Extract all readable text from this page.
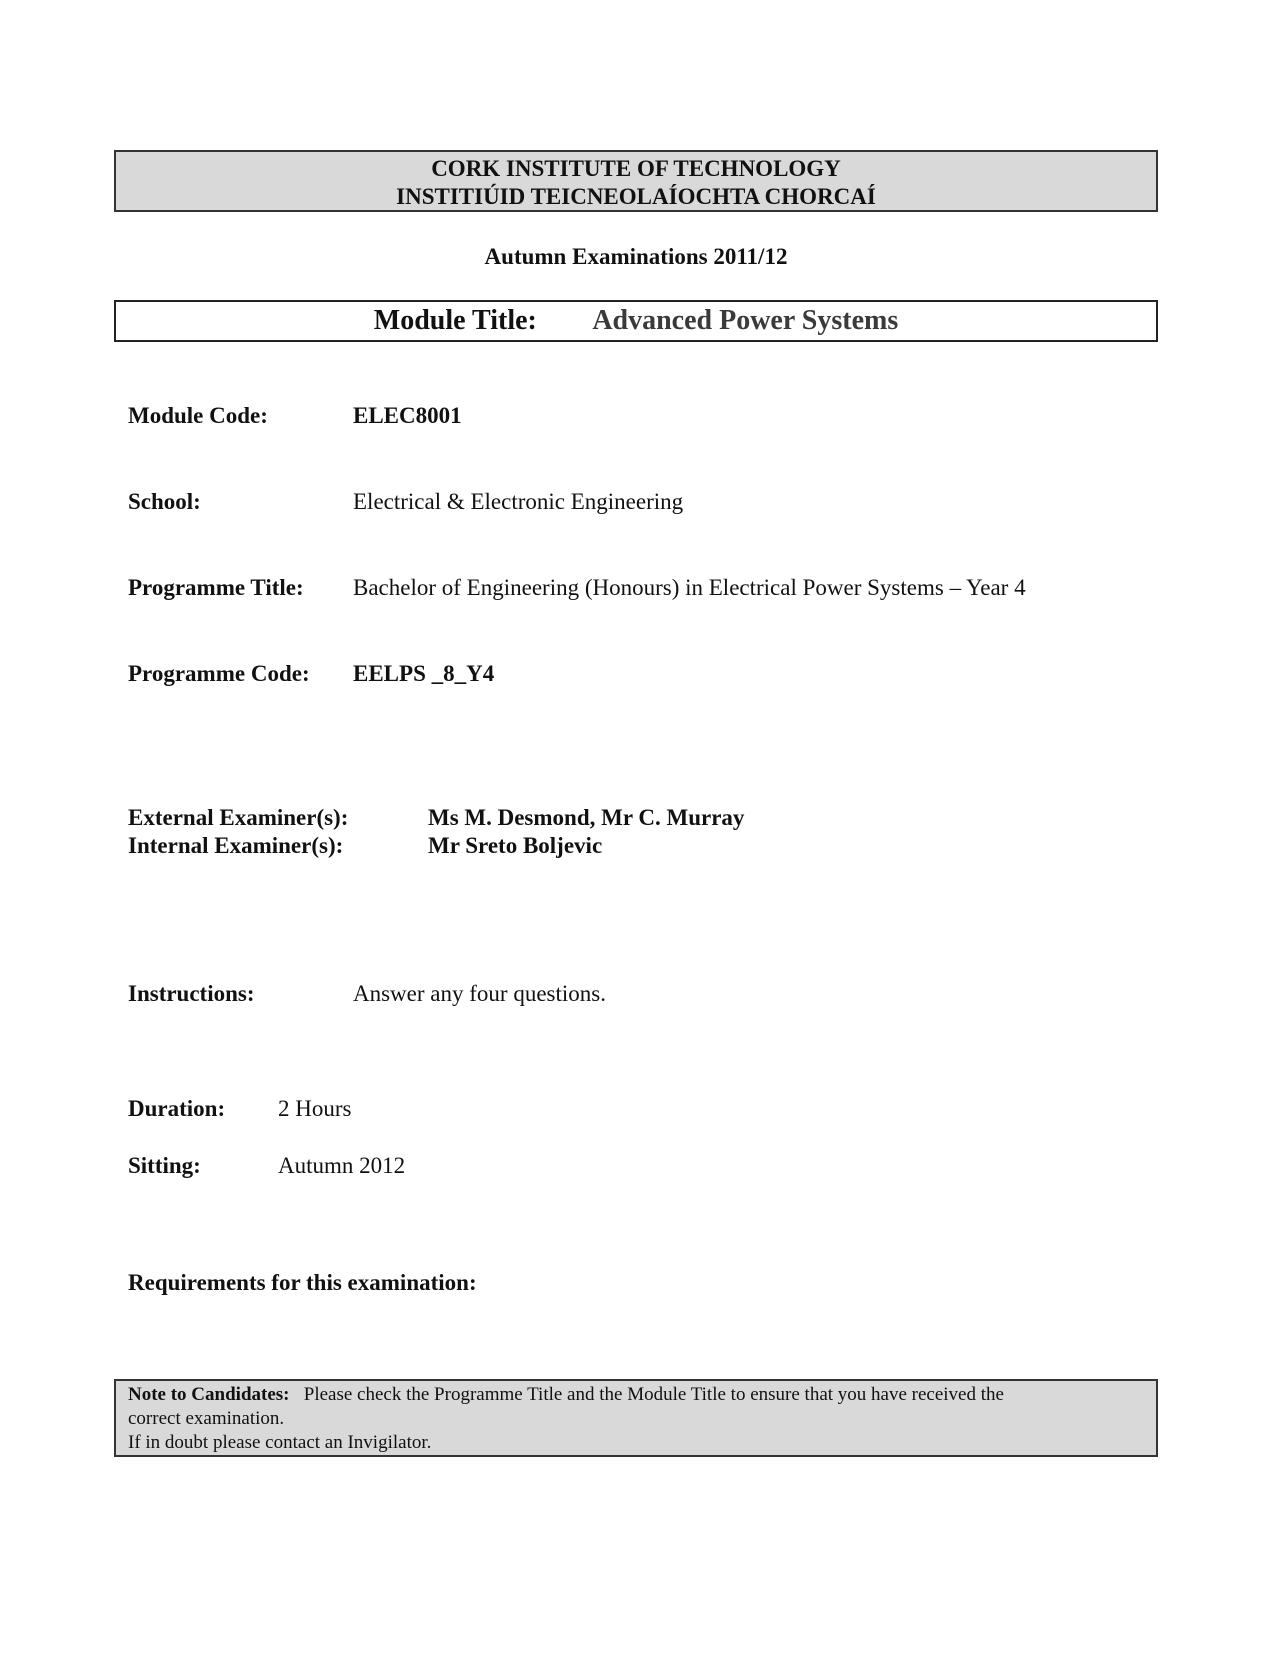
CORK INSTITUTE OF TECHNOLOGY
INSTITIÚID TEICNEOLAÍOCHTA CHORCAÍ
Autumn Examinations 2011/12
Module Title: Advanced Power Systems
Module Code:	ELEC8001
School:	Electrical & Electronic Engineering
Programme Title: Bachelor of Engineering (Honours) in Electrical Power Systems – Year 4
Programme Code: EELPS _8_Y4
External Examiner(s):	Ms M. Desmond, Mr C. Murray
Internal Examiner(s):	Mr Sreto Boljevic
Instructions:	Answer any four questions.
Duration: 2 Hours
Sitting:	Autumn 2012
Requirements for this examination:
Note to Candidates: Please check the Programme Title and the Module Title to ensure that you have received the
correct examination.
If in doubt please contact an Invigilator.
